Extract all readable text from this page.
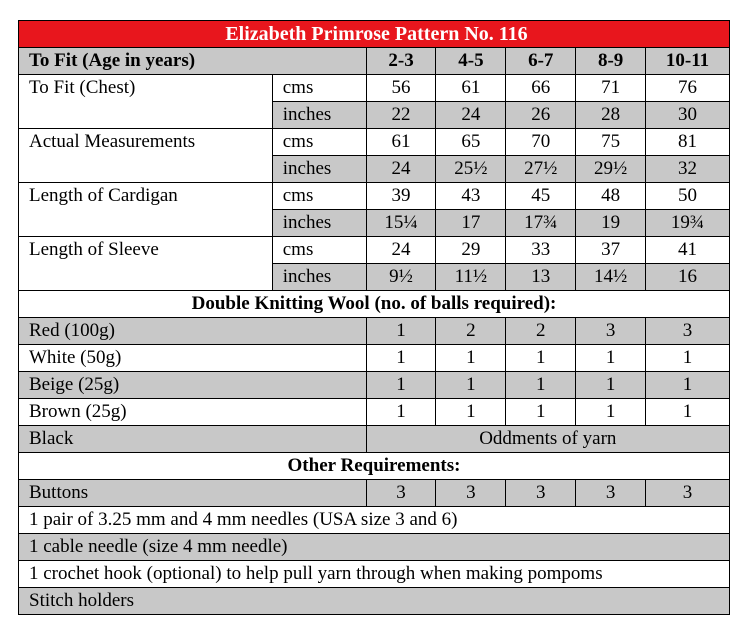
Elizabeth Primrose Pattern No. 116						
To Fit (Age in years)		2-3	4-5	6-7	8-9	10-11
To Fit (Chest)	cms	56	61	66	71	76
	inches	22	24	26	28	30
Actual Measurements	cms	61	65	70	75	81
	inches	24	25½	27½	29½	32
Length of Cardigan	cms	39	43	45	48	50
	inches	15¼	17	17¾	19	19¾
Length of Sleeve	cms	24	29	33	37	41
	inches	9½	11½	13	14½	16
Double Knitting Wool (no. of balls required):						
Red (100g)		1	2	2	3	3
White (50g)		1	1	1	1	1
Beige (25g)		1	1	1	1	1
Brown (25g)		1	1	1	1	1
Black		Oddments of yarn				
Other Requirements:						
Buttons		3	3	3	3	3
1 pair of 3.25 mm and 4 mm needles (USA size 3 and 6)						
1 cable needle (size 4 mm needle)						
1 crochet hook (optional) to help pull yarn through when making pompoms						
Stitch holders						
